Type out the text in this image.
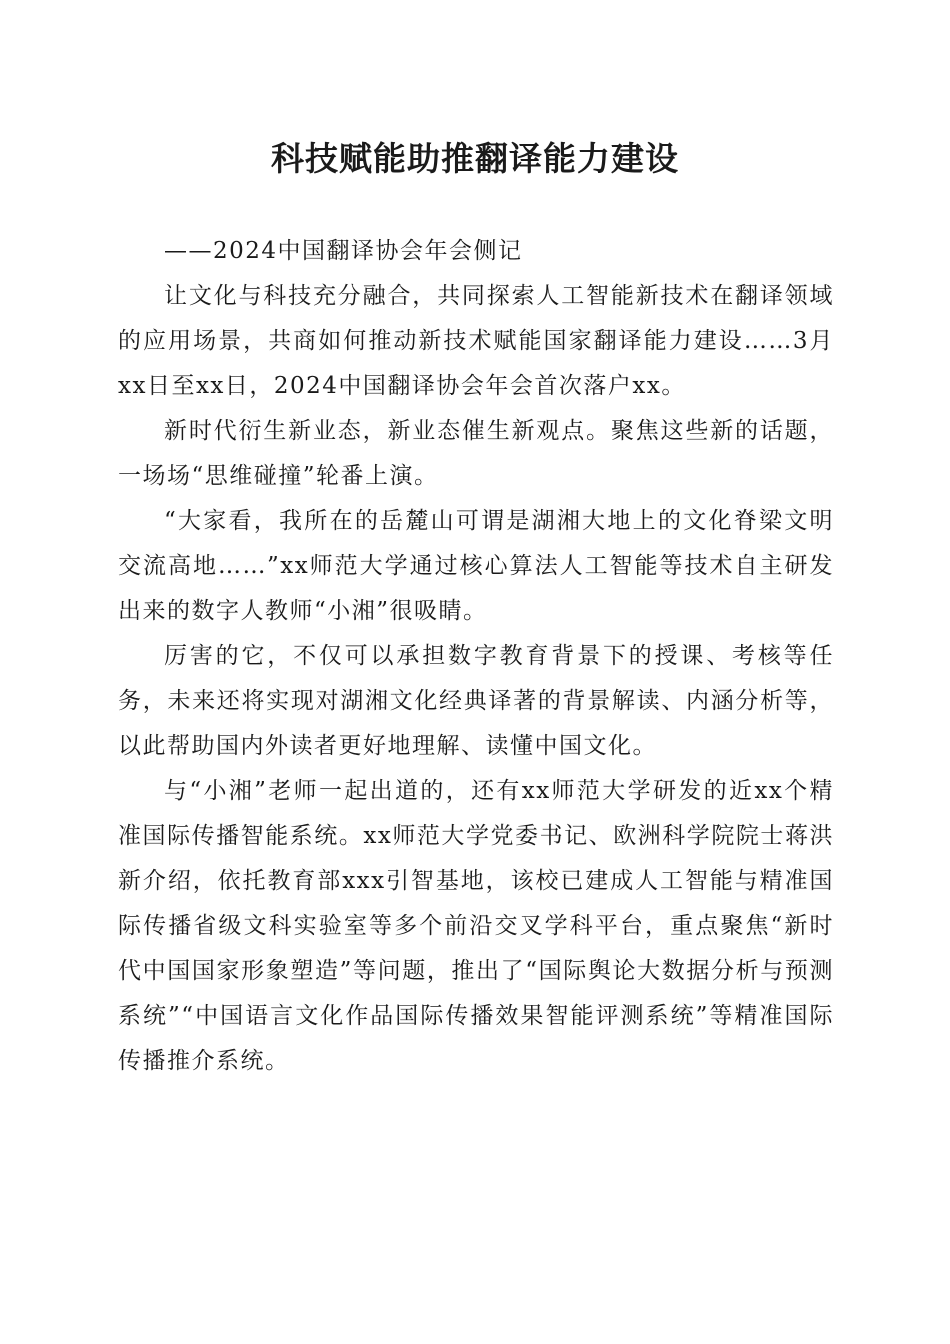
科技赋能助推翻译能力建设

——2024中国翻译协会年会侧记

让文化与科技充分融合，共同探索人工智能新技术在翻译领域的应用场景，共商如何推动新技术赋能国家翻译能力建设……3月xx日至xx日，2024中国翻译协会年会首次落户xx。

新时代衍生新业态，新业态催生新观点。聚焦这些新的话题，一场场“思维碰撞”轮番上演。

“大家看，我所在的岳麓山可谓是湖湘大地上的文化脊梁文明交流高地……”xx师范大学通过核心算法人工智能等技术自主研发出来的数字人教师“小湘”很吸睛。

厉害的它，不仅可以承担数字教育背景下的授课、考核等任务，未来还将实现对湖湘文化经典译著的背景解读、内涵分析等，以此帮助国内外读者更好地理解、读懂中国文化。

与“小湘”老师一起出道的，还有xx师范大学研发的近xx个精准国际传播智能系统。xx师范大学党委书记、欧洲科学院院士蒋洪新介绍，依托教育部xxx引智基地，该校已建成人工智能与精准国际传播省级文科实验室等多个前沿交叉学科平台，重点聚焦“新时代中国国家形象塑造”等问题，推出了“国际舆论大数据分析与预测系统”“中国语言文化作品国际传播效果智能评测系统”等精准国际传播推介系统。
